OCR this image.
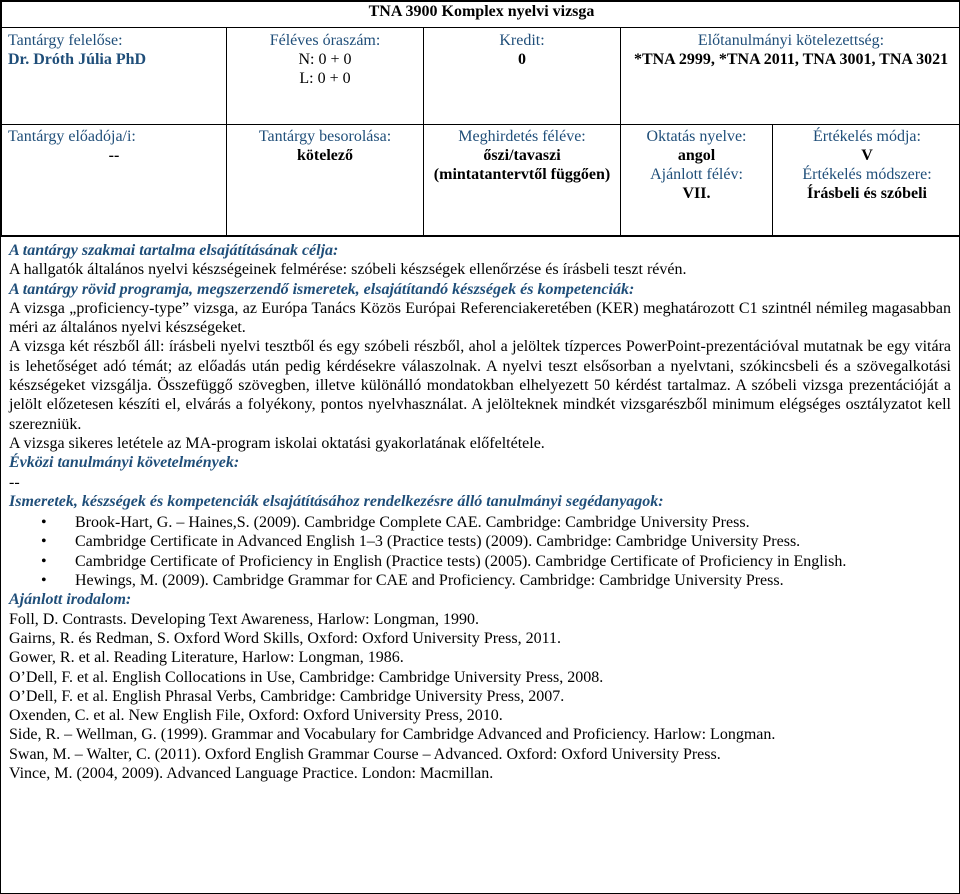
TNA 3900 Komplex nyelvi vizsga

Tantárgy felelőse:
Dr. Dróth Júlia PhD

Féléves óraszám:
N: 0 + 0
L: 0 + 0

Kredit:
0

Előtanulmányi kötelezettség:
*TNA 2999, *TNA 2011, TNA 3001, TNA 3021
Tantárgy előadója/i:
--

Tantárgy besorolása:
kötelező

Meghirdetés féléve:
őszi/tavaszi (mintatantervtől függően)

Oktatás nyelve:
angol
Ajánlott félév:
VII.

Értékelés módja:
V
Értékelés módszere:
Írásbeli és szóbeli

A tantárgy szakmai tartalma elsajátításának célja:

A hallgatók általános nyelvi készségeinek felmérése: szóbeli készségek ellenőrzése és írásbeli teszt révén.

A tantárgy rövid programja, megszerzendő ismeretek, elsajátítandó készségek és kompetenciák:

A vizsga „proficiency-type” vizsga, az Európa Tanács Közös Európai Referenciakeretében (KER) meghatározott C1 szintnél némileg magasabban méri az általános nyelvi készségeket.

A vizsga két részből áll: írásbeli nyelvi tesztből és egy szóbeli részből, ahol a jelöltek tízperces PowerPoint-prezentációval mutatnak be egy vitára is lehetőséget adó témát; az előadás után pedig kérdésekre válaszolnak. A nyelvi teszt elsősorban a nyelvtani, szókincsbeli és a szövegalkotási készségeket vizsgálja. Összefüggő szövegben, illetve különálló mondatokban elhelyezett 50 kérdést tartalmaz. A szóbeli vizsga prezentációját a jelölt előzetesen készíti el, elvárás a folyékony, pontos nyelvhasználat. A jelölteknek mindkét vizsgarészből minimum elégséges osztályzatot kell szerezniük.

A vizsga sikeres letétele az MA-program iskolai oktatási gyakorlatának előfeltétele.

Évközi tanulmányi követelmények:

--

Ismeretek, készségek és kompetenciák elsajátításához rendelkezésre álló tanulmányi segédanyagok:

• Brook-Hart, G. – Haines,S. (2009). Cambridge Complete CAE. Cambridge: Cambridge University Press.
• Cambridge Certificate in Advanced English 1–3 (Practice tests) (2009). Cambridge: Cambridge University Press.
• Cambridge Certificate of Proficiency in English (Practice tests) (2005). Cambridge Certificate of Proficiency in English.
• Hewings, M. (2009). Cambridge Grammar for CAE and Proficiency. Cambridge: Cambridge University Press.

Ajánlott irodalom:

Foll, D. Contrasts. Developing Text Awareness, Harlow: Longman, 1990.

Gairns, R. és Redman, S. Oxford Word Skills, Oxford: Oxford University Press, 2011.

Gower, R. et al. Reading Literature, Harlow: Longman, 1986.

O’Dell, F. et al. English Collocations in Use, Cambridge: Cambridge University Press, 2008.

O’Dell, F. et al. English Phrasal Verbs, Cambridge: Cambridge University Press, 2007.

Oxenden, C. et al. New English File, Oxford: Oxford University Press, 2010.

Side, R. – Wellman, G. (1999). Grammar and Vocabulary for Cambridge Advanced and Proficiency. Harlow: Longman.

Swan, M. – Walter, C. (2011). Oxford English Grammar Course – Advanced. Oxford: Oxford University Press.

Vince, M. (2004, 2009). Advanced Language Practice. London: Macmillan.
